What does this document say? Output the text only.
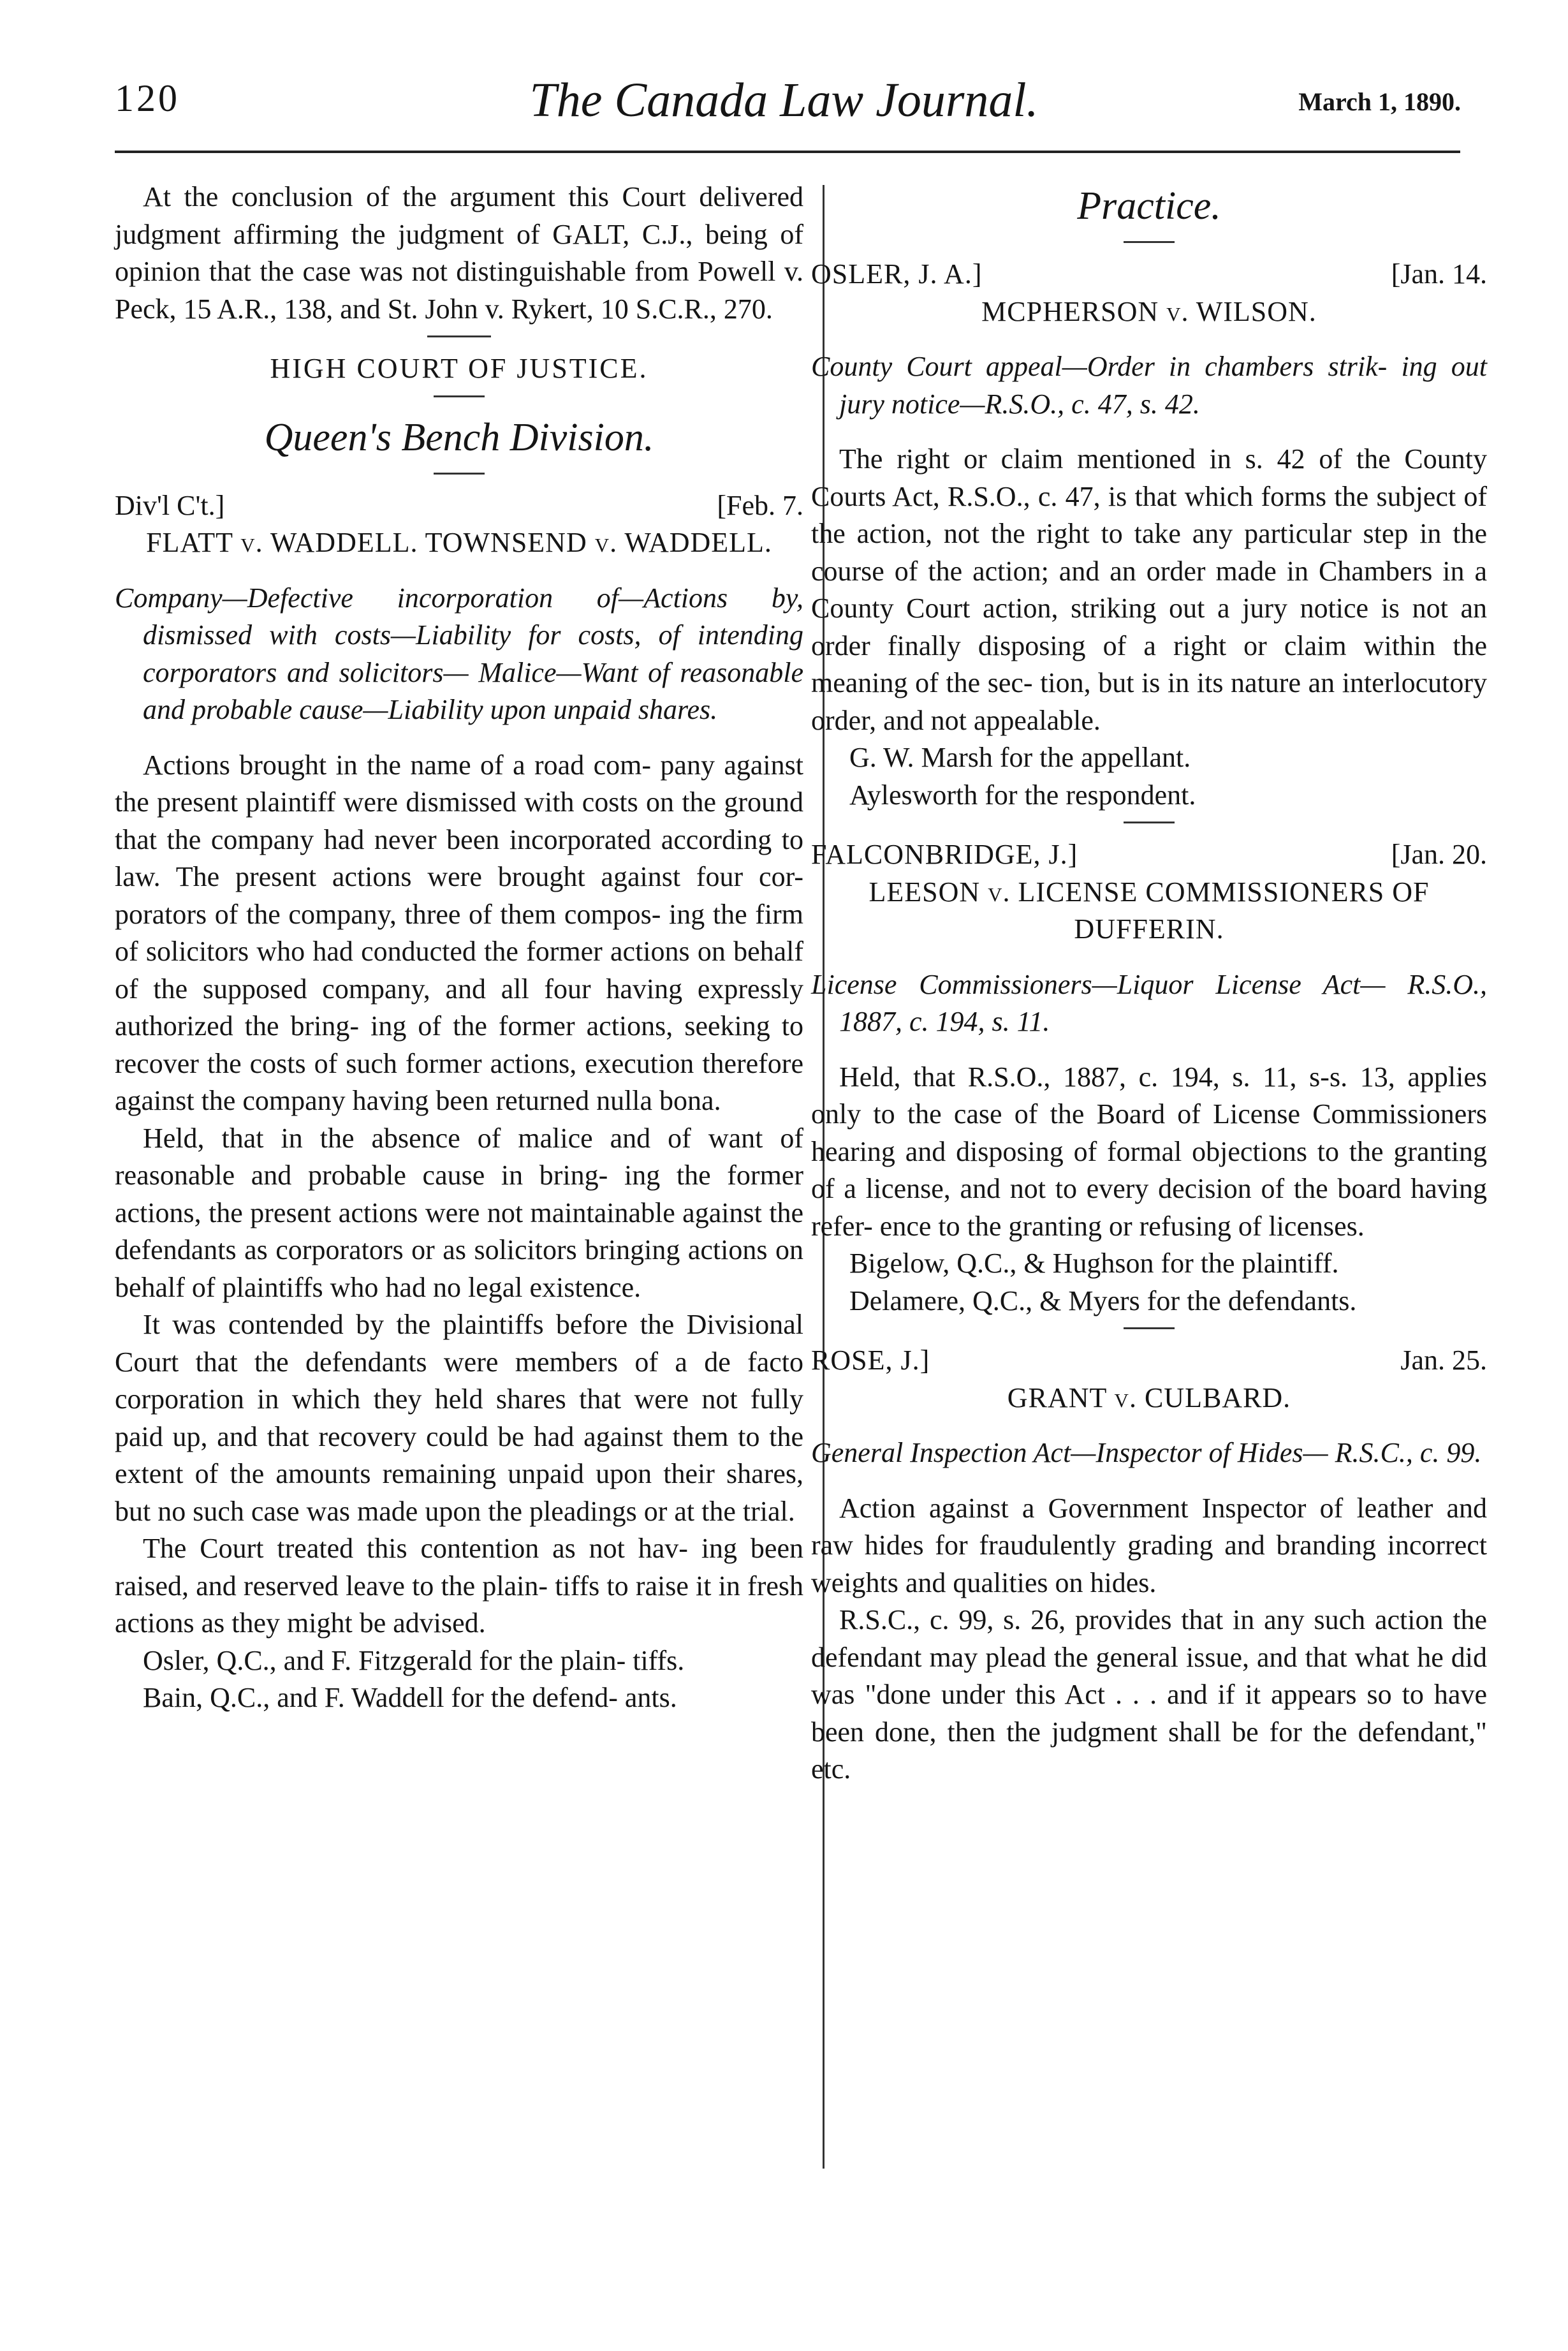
120	The Canada Law Journal.	March 1, 1890.

At the conclusion of the argument this Court delivered judgment affirming the judgment of GALT, C.J., being of opinion that the case was not distinguishable from Powell v. Peck, 15 A.R., 138, and St. John v. Rykert, 10 S.C.R., 270.

HIGH COURT OF JUSTICE.
Queen's Bench Division.
Div'l C't.]	[Feb. 7.
FLATT v. WADDELL. TOWNSEND v. WADDELL.

Company—Defective incorporation of—Actions by, dismissed with costs—Liability for costs, of intending corporators and solicitors— Malice—Want of reasonable and probable cause—Liability upon unpaid shares.

Actions brought in the name of a road com- pany against the present plaintiff were dismissed with costs on the ground that the company had never been incorporated according to law. The present actions were brought against four cor- porators of the company, three of them compos- ing the firm of solicitors who had conducted the former actions on behalf of the supposed company, and all four having expressly authorized the bring- ing of the former actions, seeking to recover the costs of such former actions, execution therefore against the company having been returned nulla bona.

Held, that in the absence of malice and of want of reasonable and probable cause in bring- ing the former actions, the present actions were not maintainable against the defendants as corporators or as solicitors bringing actions on behalf of plaintiffs who had no legal existence.

It was contended by the plaintiffs before the Divisional Court that the defendants were members of a de facto corporation in which they held shares that were not fully paid up, and that recovery could be had against them to the extent of the amounts remaining unpaid upon their shares, but no such case was made upon the pleadings or at the trial.

The Court treated this contention as not hav- ing been raised, and reserved leave to the plain- tiffs to raise it in fresh actions as they might be advised.

Osler, Q.C., and F. Fitzgerald for the plain- tiffs.

Bain, Q.C., and F. Waddell for the defend- ants.

Practice.
OSLER, J. A.]	[Jan. 14.
MCPHERSON v. WILSON.

County Court appeal—Order in chambers strik- ing out jury notice—R.S.O., c. 47, s. 42.

The right or claim mentioned in s. 42 of the County Courts Act, R.S.O., c. 47, is that which forms the subject of the action, not the right to take any particular step in the course of the action; and an order made in Chambers in a County Court action, striking out a jury notice is not an order finally disposing of a right or claim within the meaning of the sec- tion, but is in its nature an interlocutory order, and not appealable.

G. W. Marsh for the appellant.

Aylesworth for the respondent.

FALCONBRIDGE, J.]	[Jan. 20.
LEESON v. LICENSE COMMISSIONERS OF
DUFFERIN.

License Commissioners—Liquor License Act— R.S.O., 1887, c. 194, s. 11.

Held, that R.S.O., 1887, c. 194, s. 11, s-s. 13, applies only to the case of the Board of License Commissioners hearing and disposing of formal objections to the granting of a license, and not to every decision of the board having refer- ence to the granting or refusing of licenses.

Bigelow, Q.C., & Hughson for the plaintiff.

Delamere, Q.C., & Myers for the defendants.

ROSE, J.]	Jan. 25.
GRANT v. CULBARD.

General Inspection Act—Inspector of Hides— R.S.C., c. 99.

Action against a Government Inspector of leather and raw hides for fraudulently grading and branding incorrect weights and qualities on hides.

R.S.C., c. 99, s. 26, provides that in any such action the defendant may plead the general issue, and that what he did was "done under this Act . . . and if it appears so to have been done, then the judgment shall be for the defendant," etc.
